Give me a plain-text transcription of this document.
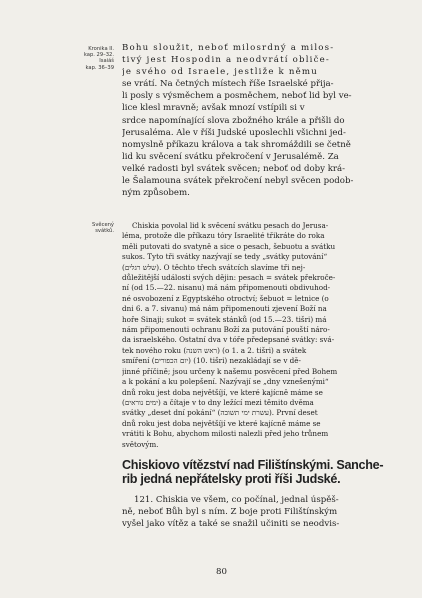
Kronika II.
kap. 29–32.
Isaiáš
kap. 36–39
Bohu sloužit, neboť milosrdný a milos-
tivý jest Hospodin a neodvrátí obliče-
je svého od Israele, jestliže k němu
se vrátí. Na četných místech říše Israelské přija-
li posly s výsměchem a posměchem, neboť lid byl ve-
lice klesl mravně; avšak mnozí vstípili si v
srdce napomínající slova zbožného krále a přišli do
Jerusaléma. Ale v říši Judské uposlechli všichni jed-
nomyslně příkazu králova a tak shromáždili se četně
lid ku svěcení svátku překročení v Jerusalémě. Za
velké radosti byl svátek svěcen; neboť od doby krá-
le Šalamouna svátek překročení nebyl svěcen podob-
ným způsobem.
Svěcený
svátků.
Chiskia povolal lid k svěcení svátku pesach do Jerusa-
léma, protože dle příkazu tóry Israelité třikráte do roka
měli putovati do svatyně a sice o pesach, šebuotu a svátku
sukos. Tyto tři svátky nazývají se tedy „svátky putování“
(שלש רגלים). O těchto třech svátcích slavíme tři nej-
důležitější události svých dějin: pesach = svátek překroče-
ní (od 15.—22. nisanu) má nám připomenouti obdivuhod-
né osvobození z Egyptského otroctví; šebuot = letnice (o
dni 6. a 7. sivanu) má nám připomenouti zjevení Boží na
hoře Sinaji; sukot = svátek stánků (od 15.—23. tišri) má
nám připomenouti ochranu Boží za putování pouští náro-
da israelského. Ostatní dva v tóře předepsané svátky: svá-
tek nového roku (ראש השנה) (o 1. a 2. tišri) a svátek
smíření (יום הכפורים) (10. tišri) nezakládají se v dě-
jinné příčině; jsou určeny k našemu posvěcení před Bohem
a k pokání a ku polepšení. Nazývají se „dny vznešenými“
dnů roku jest doba největšíjí, ve které kajícně máme se
(ימים נוראים) a čítaje v to dny ležící mezi těmito dvěma
svátky „deset dní pokání“ (עשרת ימי תשובה). První deset
dnů roku jest doba největšíjí ve které kajícně máme se
vrátiti k Bohu, abychom milosti nalezli před jeho trůnem
světovým.
Chiskiovo vítězství nad Filištínskými. Sanche-
rib jedná nepřátelsky proti říši Judské.
121. Chiskia ve všem, co počínal, jednal úspěš-
ně, neboť Bůh byl s ním. Z boje proti Filištínským
vyšel jako vítěz a také se snažil učiniti se neodvis-
80
